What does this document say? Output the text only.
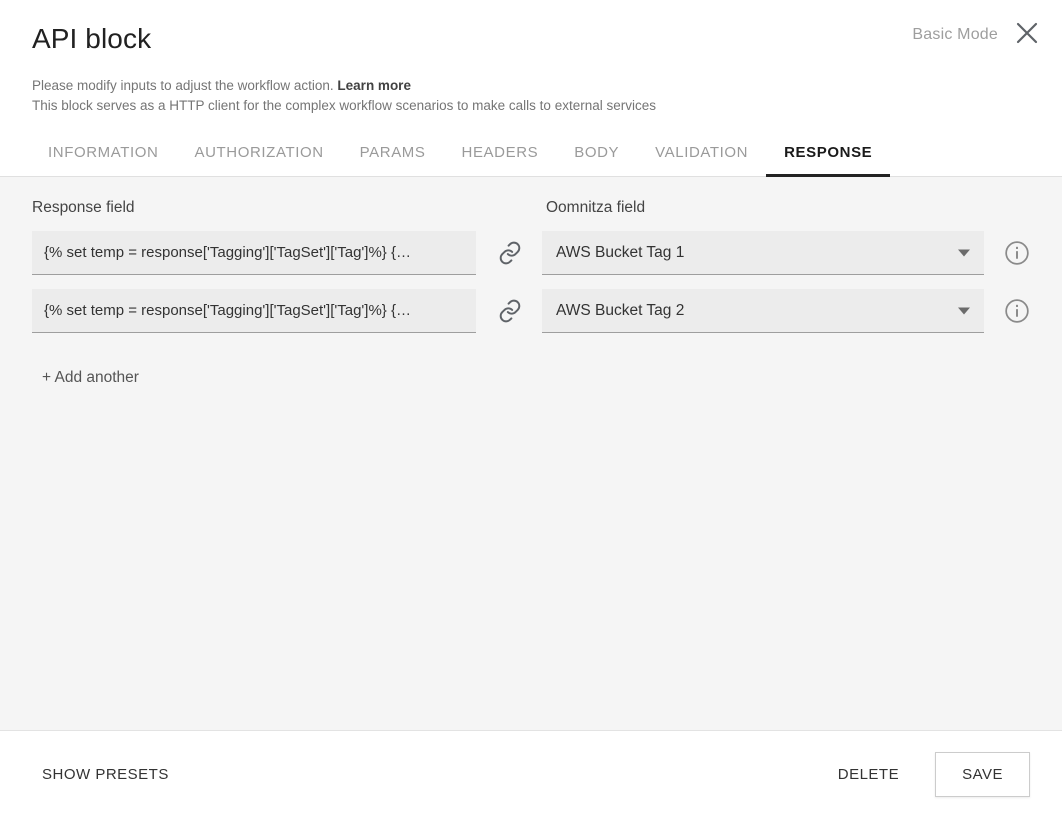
API block	Basic Mode
Please modify inputs to adjust the workflow action. Learn more
This block serves as a HTTP client for the complex workflow scenarios to make calls to external services
INFORMATION	AUTHORIZATION	PARAMS	HEADERS	BODY	VALIDATION	RESPONSE
Response field	Oomnitza field
{% set temp = response['Tagging']['TagSet']['Tag']%} {…	AWS Bucket Tag 1
{% set temp = response['Tagging']['TagSet']['Tag']%} {…	AWS Bucket Tag 2
+ Add another
SHOW PRESETS	DELETE	SAVE
